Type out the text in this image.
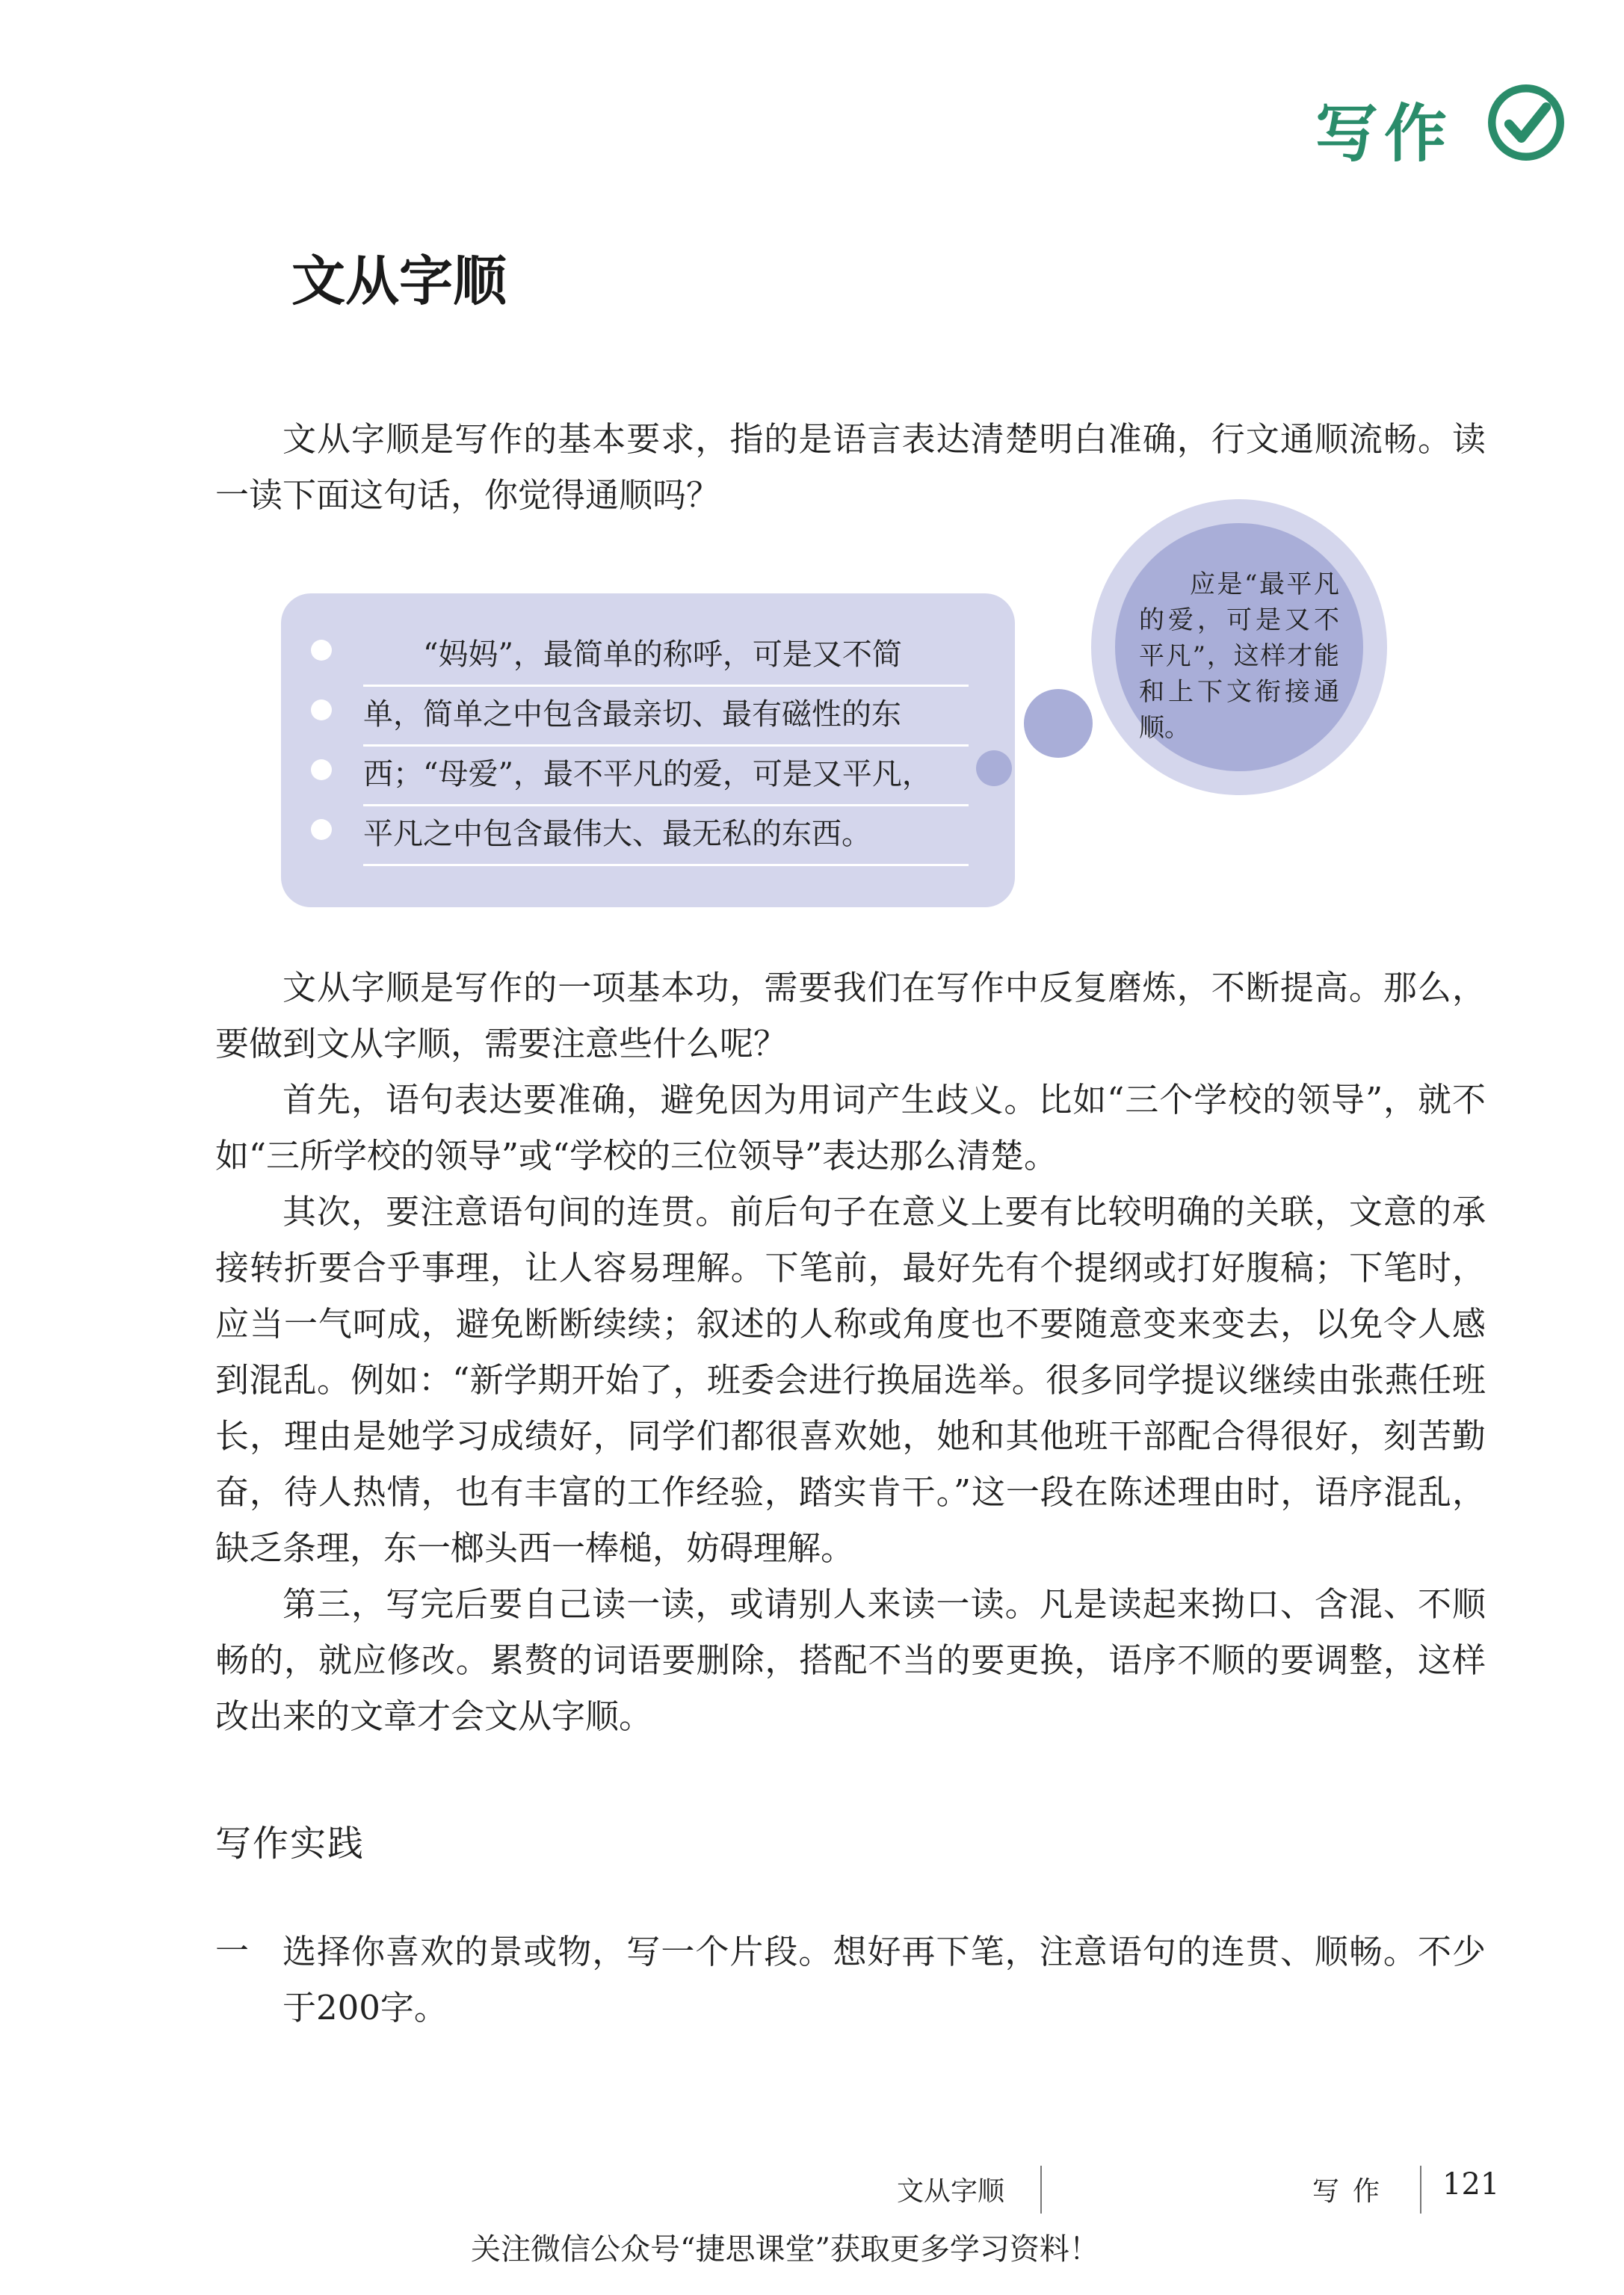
写作
文从字顺

文从字顺是写作的基本要求，指的是语言表达清楚明白准确，行文通顺流畅。读一读下面这句话，你觉得通顺吗？

“妈妈”，最简单的称呼，可是又不简
单，简单之中包含最亲切、最有磁性的东
西；“母爱”，最不平凡的爱，可是又平凡，
平凡之中包含最伟大、最无私的东西。

应是“最平凡的爱，可是又不平凡”，这样才能和上下文衔接通顺。

文从字顺是写作的一项基本功，需要我们在写作中反复磨炼，不断提高。那么，要做到文从字顺，需要注意些什么呢？

首先，语句表达要准确，避免因为用词产生歧义。比如“三个学校的领导”，就不如“三所学校的领导”或“学校的三位领导”表达那么清楚。

其次，要注意语句间的连贯。前后句子在意义上要有比较明确的关联，文意的承接转折要合乎事理，让人容易理解。下笔前，最好先有个提纲或打好腹稿；下笔时，应当一气呵成，避免断断续续；叙述的人称或角度也不要随意变来变去，以免令人感到混乱。例如：“新学期开始了，班委会进行换届选举。很多同学提议继续由张燕任班长，理由是她学习成绩好，同学们都很喜欢她，她和其他班干部配合得很好，刻苦勤奋，待人热情，也有丰富的工作经验，踏实肯干。”这一段在陈述理由时，语序混乱，缺乏条理，东一榔头西一棒槌，妨碍理解。

第三，写完后要自己读一读，或请别人来读一读。凡是读起来拗口、含混、不顺畅的，就应修改。累赘的词语要删除，搭配不当的要更换，语序不顺的要调整，这样改出来的文章才会文从字顺。

写作实践
一 选择你喜欢的景或物，写一个片段。想好再下笔，注意语句的连贯、顺畅。不少于200字。

文从字顺	写作 121
关注微信公众号“捷思课堂”获取更多学习资料！
